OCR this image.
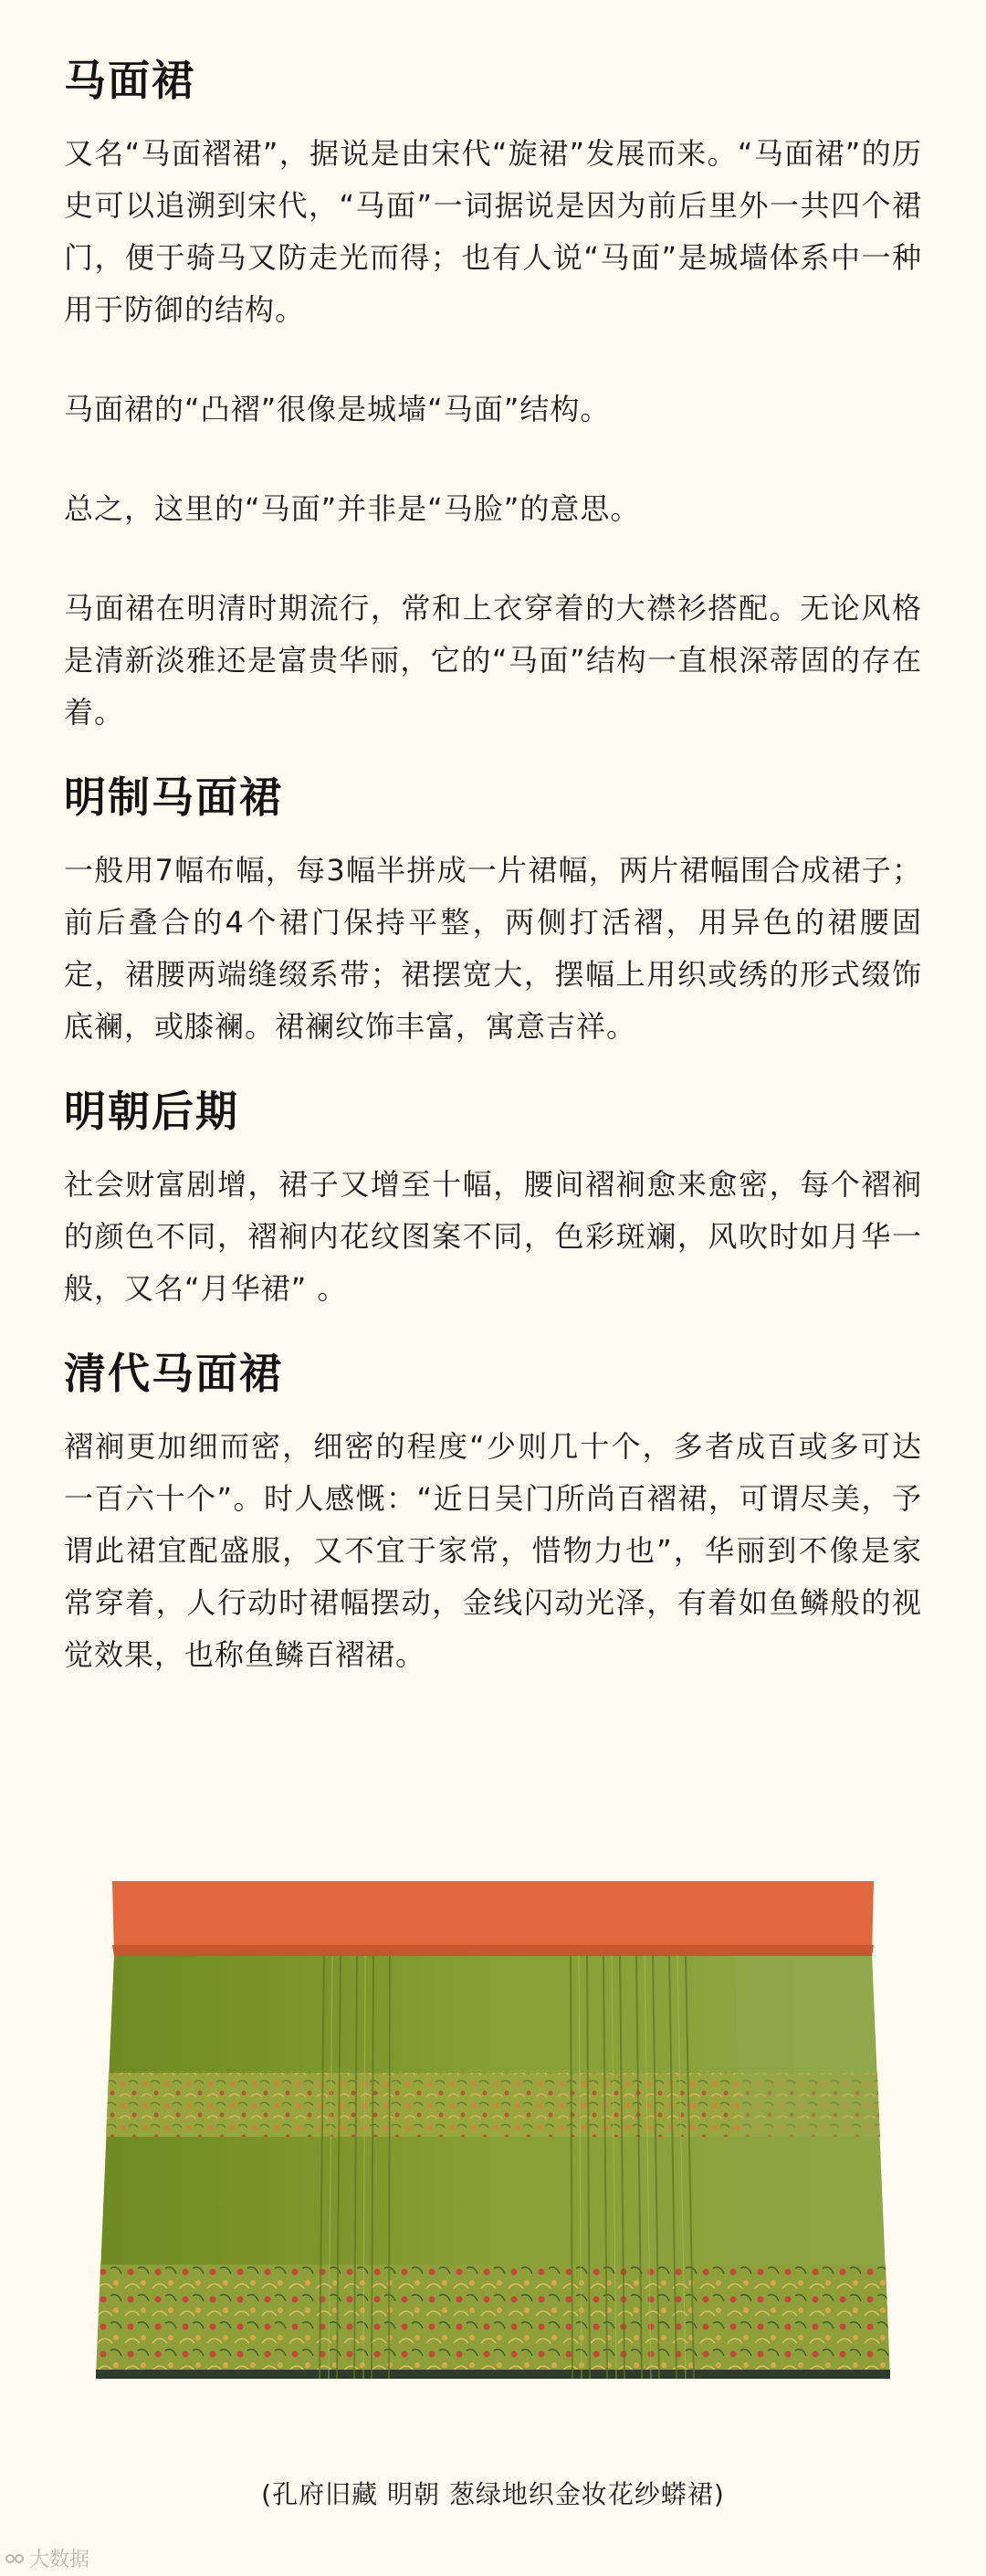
马面裙

又名“马面褶裙”，据说是由宋代“旋裙”发展而来。“马面裙”的历史可以追溯到宋代，“马面”一词据说是因为前后里外一共四个裙门，便于骑马又防走光而得；也有人说“马面”是城墙体系中一种用于防御的结构。

马面裙的“凸褶”很像是城墙“马面”结构。

总之，这里的“马面”并非是“马脸”的意思。

马面裙在明清时期流行，常和上衣穿着的大襟衫搭配。无论风格是清新淡雅还是富贵华丽，它的“马面”结构一直根深蒂固的存在着。

明制马面裙

一般用7幅布幅，每3幅半拼成一片裙幅，两片裙幅围合成裙子；前后叠合的4个裙门保持平整，两侧打活褶，用异色的裙腰固定，裙腰两端缝缀系带；裙摆宽大，摆幅上用织或绣的形式缀饰底襕，或膝襕。裙襕纹饰丰富，寓意吉祥。

明朝后期

社会财富剧增，裙子又增至十幅，腰间褶裥愈来愈密，每个褶裥的颜色不同，褶裥内花纹图案不同，色彩斑斓，风吹时如月华一般，又名“月华裙” 。

清代马面裙

褶裥更加细而密，细密的程度“少则几十个，多者成百或多可达一百六十个”。时人感慨：“近日吴门所尚百褶裙，可谓尽美，予谓此裙宜配盛服，又不宜于家常，惜物力也”，华丽到不像是家常穿着，人行动时裙幅摆动，金线闪动光泽，有着如鱼鳞般的视觉效果，也称鱼鳞百褶裙。

(孔府旧藏 明朝 葱绿地织金妆花纱蟒裙)
大数据
